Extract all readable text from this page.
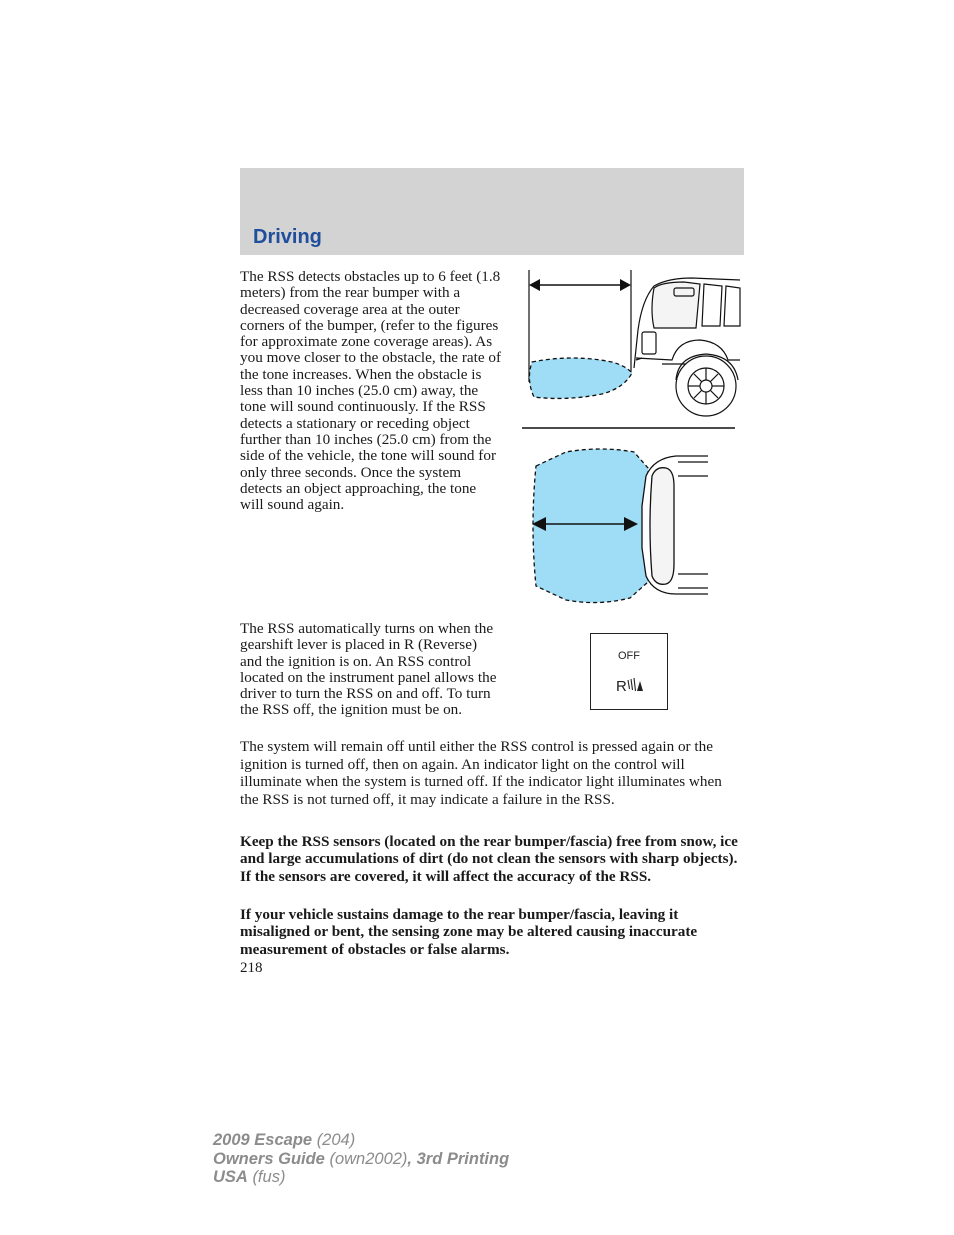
Driving

The RSS detects obstacles up to 6 feet (1.8 meters) from the rear bumper with a decreased coverage area at the outer corners of the bumper, (refer to the figures for approximate zone coverage areas). As you move closer to the obstacle, the rate of the tone increases. When the obstacle is less than 10 inches (25.0 cm) away, the tone will sound continuously. If the RSS detects a stationary or receding object further than 10 inches (25.0 cm) from the side of the vehicle, the tone will sound for only three seconds. Once the system detects an object approaching, the tone will sound again.

The RSS automatically turns on when the gearshift lever is placed in R (Reverse) and the ignition is on. An RSS control located on the instrument panel allows the driver to turn the RSS on and off. To turn the RSS off, the ignition must be on.

OFF
R

The system will remain off until either the RSS control is pressed again or the ignition is turned off, then on again. An indicator light on the control will illuminate when the system is turned off. If the indicator light illuminates when the RSS is not turned off, it may indicate a failure in the RSS.

Keep the RSS sensors (located on the rear bumper/fascia) free from snow, ice and large accumulations of dirt (do not clean the sensors with sharp objects). If the sensors are covered, it will affect the accuracy of the RSS.

If your vehicle sustains damage to the rear bumper/fascia, leaving it misaligned or bent, the sensing zone may be altered causing inaccurate measurement of obstacles or false alarms.

218
2009 Escape (204)
Owners Guide (own2002), 3rd Printing
USA (fus)
